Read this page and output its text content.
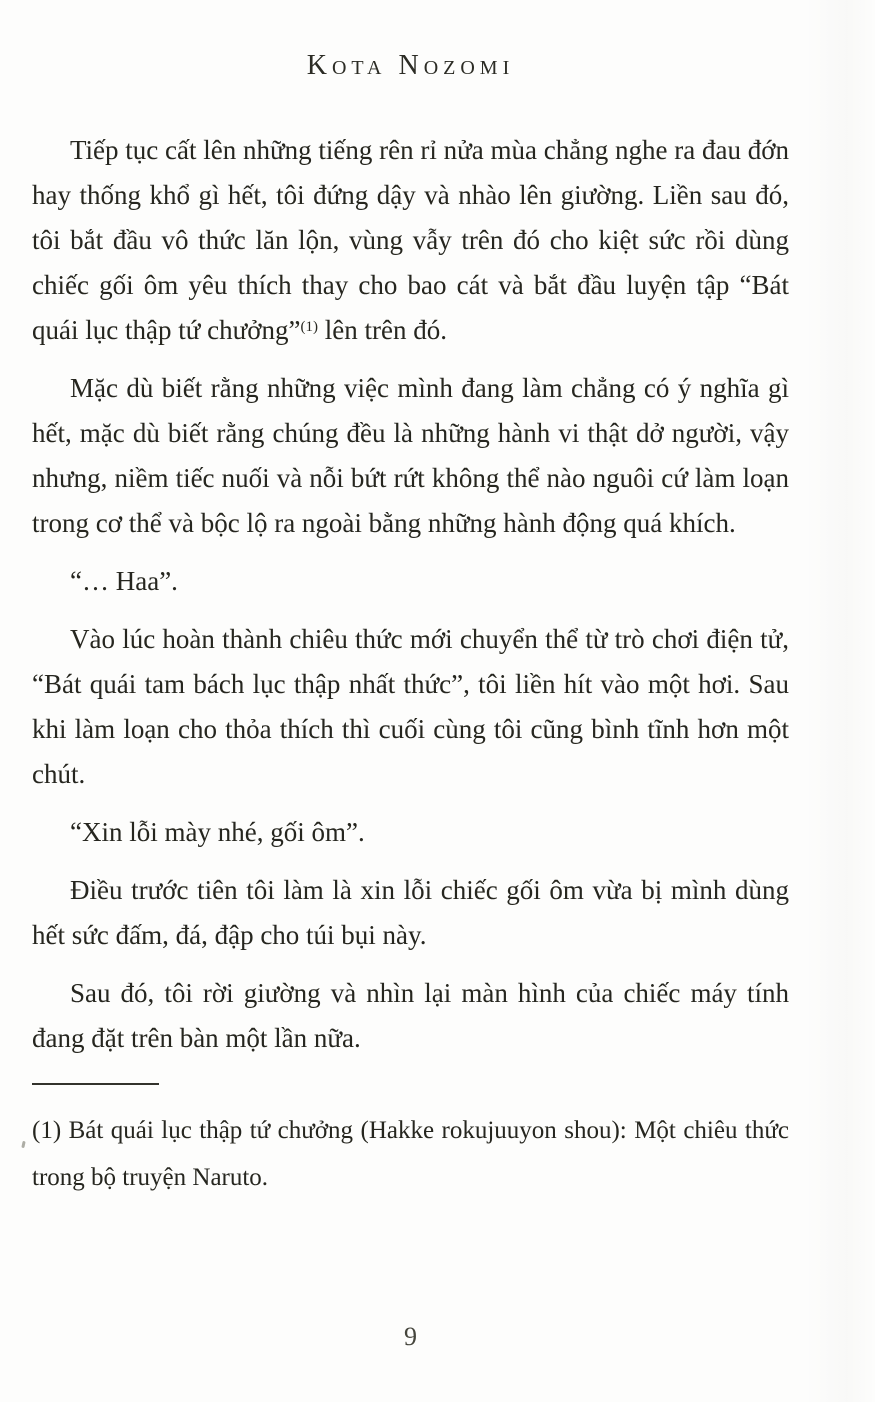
Kota Nozomi

Tiếp tục cất lên những tiếng rên rỉ nửa mùa chẳng nghe ra đau đớn hay thống khổ gì hết, tôi đứng dậy và nhào lên giường. Liền sau đó, tôi bắt đầu vô thức lăn lộn, vùng vẫy trên đó cho kiệt sức rồi dùng chiếc gối ôm yêu thích thay cho bao cát và bắt đầu luyện tập “Bát quái lục thập tứ chưởng”$^{(1)}$ lên trên đó.

Mặc dù biết rằng những việc mình đang làm chẳng có ý nghĩa gì hết, mặc dù biết rằng chúng đều là những hành vi thật dở người, vậy nhưng, niềm tiếc nuối và nỗi bứt rứt không thể nào nguôi cứ làm loạn trong cơ thể và bộc lộ ra ngoài bằng những hành động quá khích.

“… Haa”.

Vào lúc hoàn thành chiêu thức mới chuyển thể từ trò chơi điện tử, “Bát quái tam bách lục thập nhất thức”, tôi liền hít vào một hơi. Sau khi làm loạn cho thỏa thích thì cuối cùng tôi cũng bình tĩnh hơn một chút.

“Xin lỗi mày nhé, gối ôm”.

Điều trước tiên tôi làm là xin lỗi chiếc gối ôm vừa bị mình dùng hết sức đấm, đá, đập cho túi bụi này.

Sau đó, tôi rời giường và nhìn lại màn hình của chiếc máy tính đang đặt trên bàn một lần nữa.

(1) Bát quái lục thập tứ chưởng (Hakke rokujuuyon shou): Một chiêu thức trong bộ truyện Naruto.

9
